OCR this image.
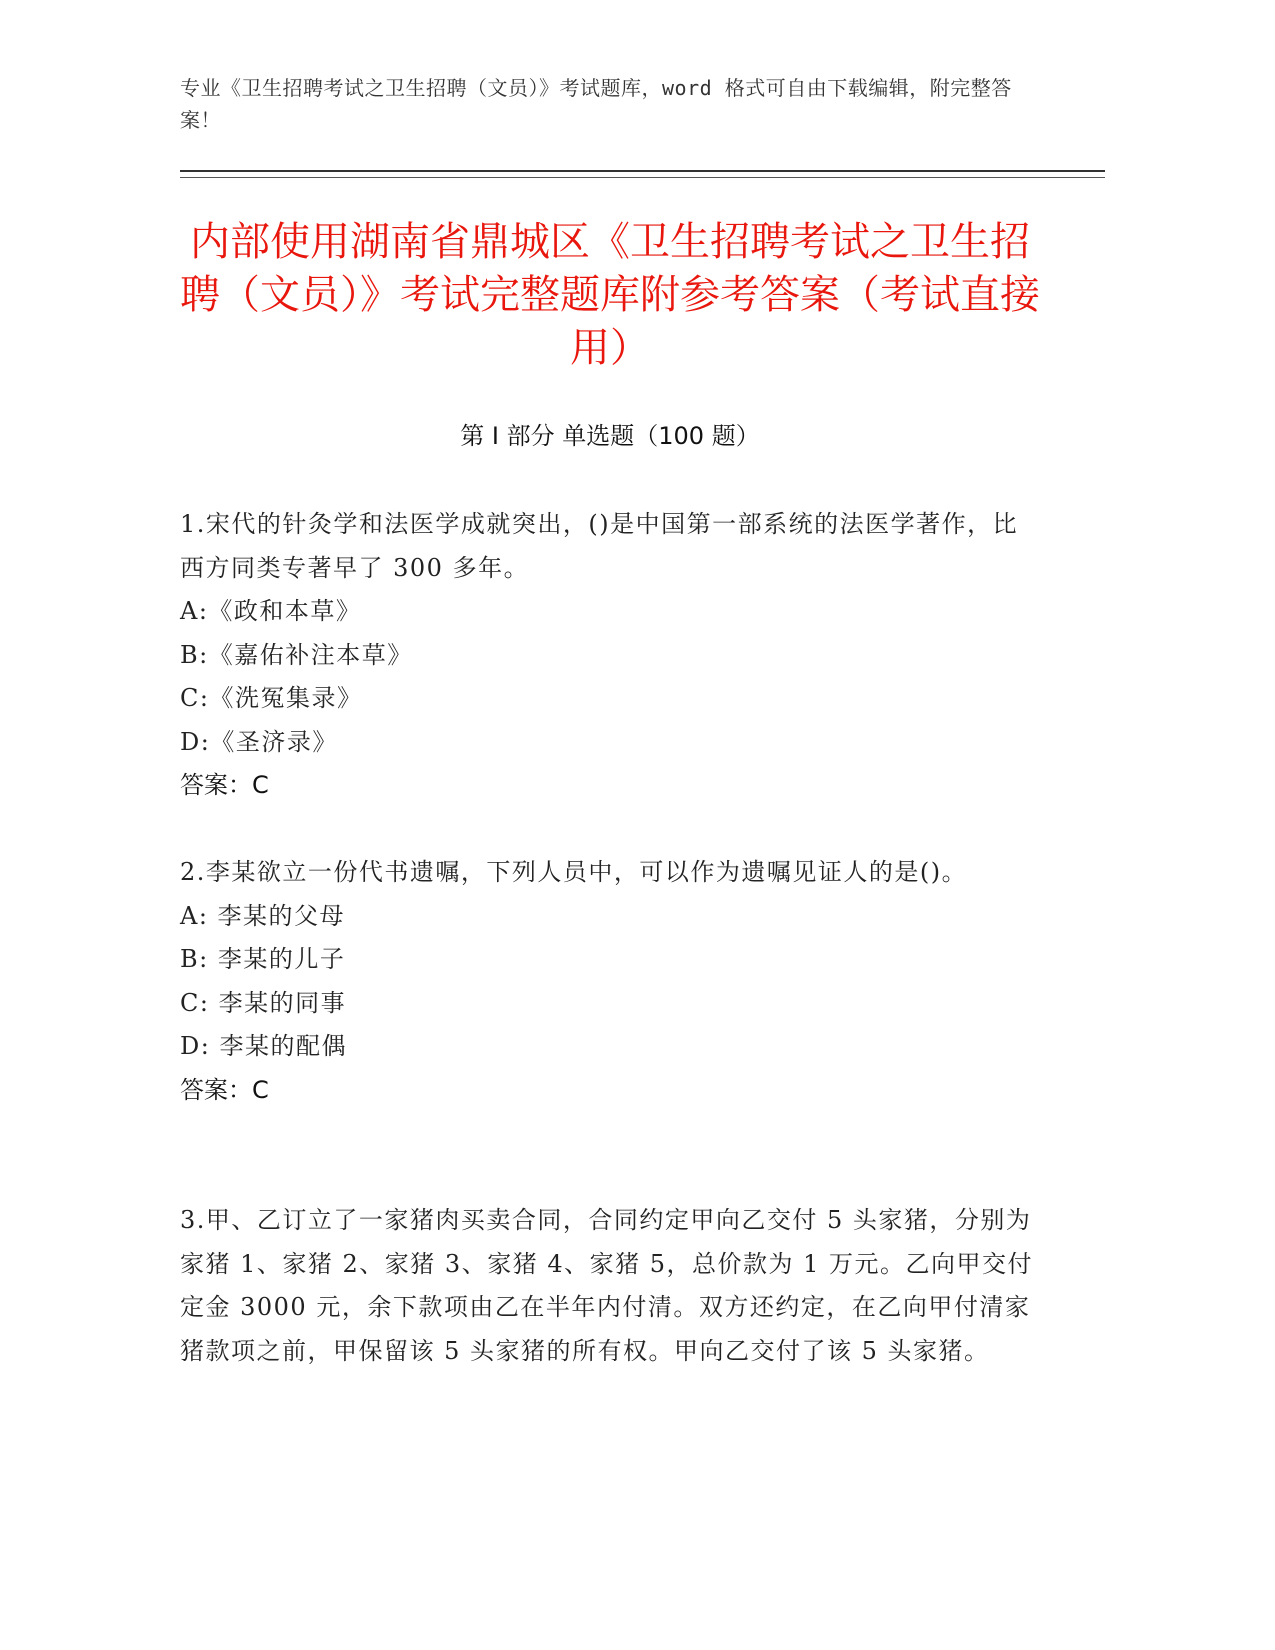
专业《卫生招聘考试之卫生招聘（文员）》考试题库，word 格式可自由下载编辑，附完整答案！
内部使用湖南省鼎城区《卫生招聘考试之卫生招聘（文员）》考试完整题库附参考答案（考试直接用）
第 I 部分 单选题（100 题）

1.宋代的针灸学和法医学成就突出，()是中国第一部系统的法医学著作，比西方同类专著早了 300 多年。

A:《政和本草》

B:《嘉佑补注本草》

C:《洗冤集录》

D:《圣济录》

答案：C

2.李某欲立一份代书遗嘱，下列人员中，可以作为遗嘱见证人的是()。

A: 李某的父母

B: 李某的儿子

C: 李某的同事

D: 李某的配偶

答案：C

3.甲、乙订立了一家猪肉买卖合同，合同约定甲向乙交付 5 头家猪，分别为家猪 1、家猪 2、家猪 3、家猪 4、家猪 5，总价款为 1 万元。乙向甲交付定金 3000 元，余下款项由乙在半年内付清。双方还约定，在乙向甲付清家猪款项之前，甲保留该 5 头家猪的所有权。甲向乙交付了该 5 头家猪。
